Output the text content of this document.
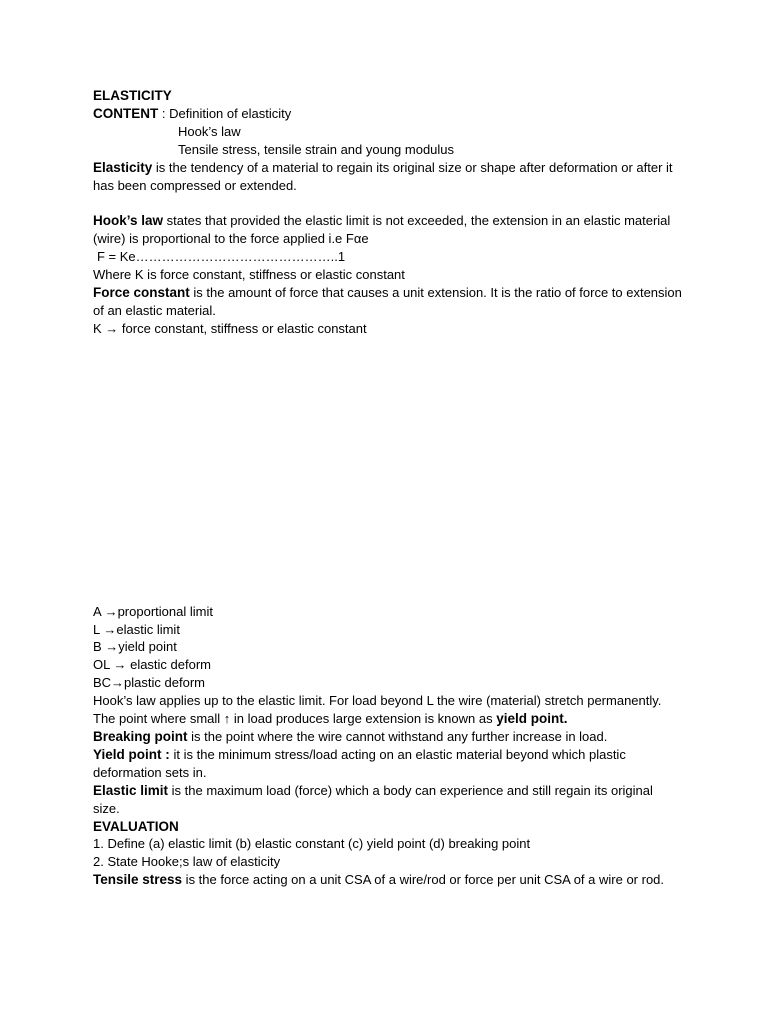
ELASTICITY

CONTENT : Definition of elasticity

Hook’s law

Tensile stress, tensile strain and young modulus

Elasticity is the tendency of a material to regain its original size or shape after deformation or after it has been compressed or extended.

Hook’s law states that provided the elastic limit is not exceeded, the extension in an elastic material (wire) is proportional to the force applied i.e Fαe

F = Ke………………………………………..1

Where K is force constant, stiffness or elastic constant

Force constant is the amount of force that causes a unit extension. It is the ratio of force to extension of an elastic material.

K → force constant, stiffness or elastic constant

A →proportional limit

L →elastic limit

B →yield point

OL → elastic deform

BC→plastic deform

Hook’s law applies up to the elastic limit. For load beyond L the wire (material) stretch permanently. The point where small ↑ in load produces large extension is known as yield point.

Breaking point is the point where the wire cannot withstand any further increase in load.

Yield point : it is the minimum stress/load acting on an elastic material beyond which plastic deformation sets in.

Elastic limit is the maximum load (force) which a body can experience and still regain its original size.

EVALUATION

1. Define (a) elastic limit (b) elastic constant (c) yield point (d) breaking point

2. State Hooke;s law of elasticity

Tensile stress is the force acting on a unit CSA of a wire/rod or force per unit CSA of a wire or rod.
